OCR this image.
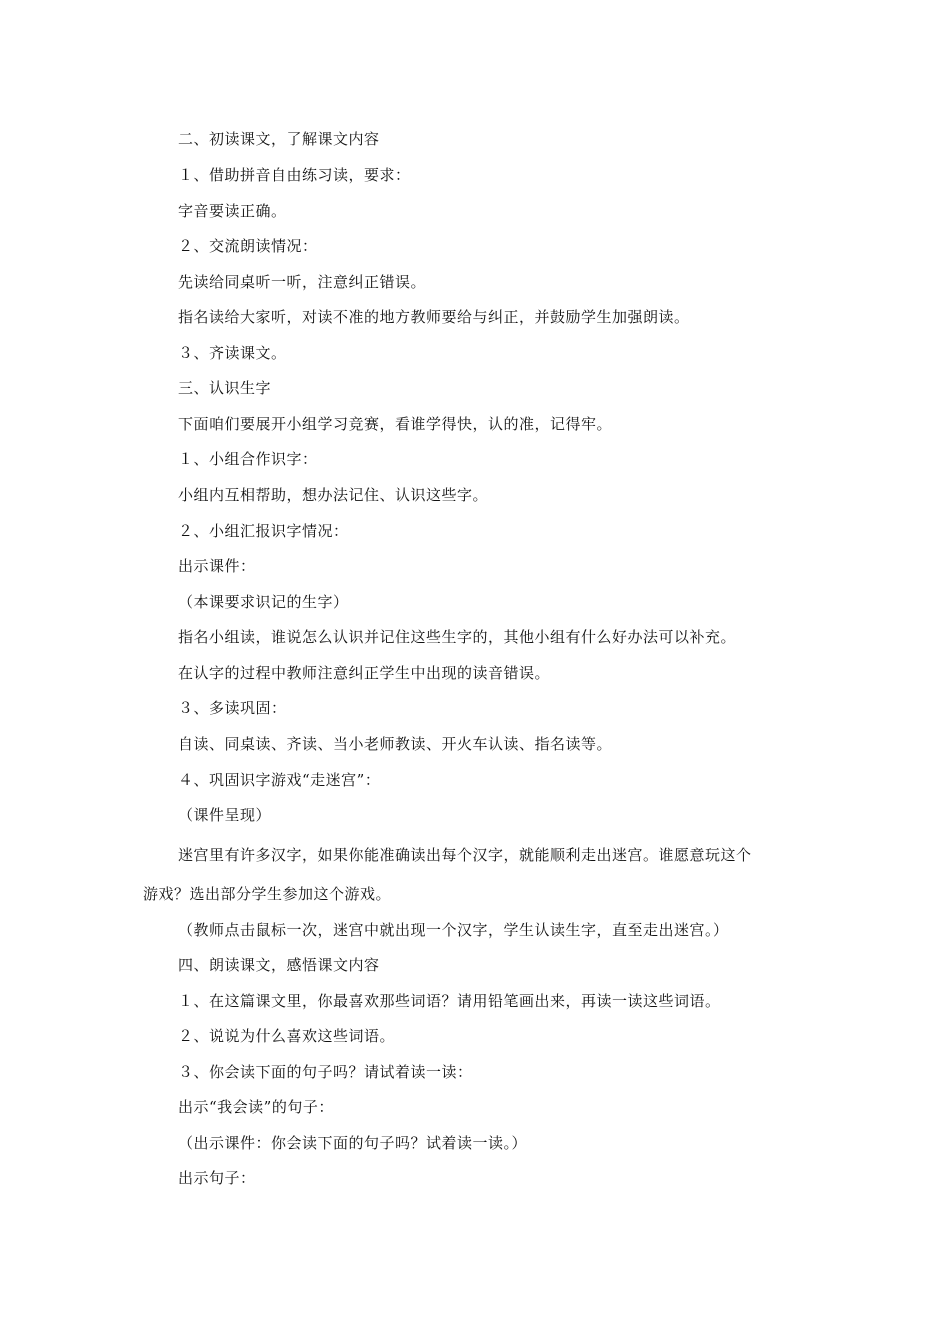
二、初读课文，了解课文内容
１、借助拼音自由练习读，要求：
字音要读正确。
２、交流朗读情况：
先读给同桌听一听，注意纠正错误。
指名读给大家听，对读不准的地方教师要给与纠正，并鼓励学生加强朗读。
３、齐读课文。
三、认识生字
下面咱们要展开小组学习竞赛，看谁学得快，认的准，记得牢。
１、小组合作识字：
小组内互相帮助，想办法记住、认识这些字。
２、小组汇报识字情况：
出示课件：
（本课要求识记的生字）
指名小组读，谁说怎么认识并记住这些生字的，其他小组有什么好办法可以补充。
在认字的过程中教师注意纠正学生中出现的读音错误。
３、多读巩固：
自读、同桌读、齐读、当小老师教读、开火车认读、指名读等。
４、巩固识字游戏“走迷宫”：
（课件呈现）
迷宫里有许多汉字，如果你能准确读出每个汉字，就能顺利走出迷宫。谁愿意玩这个
游戏？选出部分学生参加这个游戏。
（教师点击鼠标一次，迷宫中就出现一个汉字，学生认读生字，直至走出迷宫。）
四、朗读课文，感悟课文内容
１、在这篇课文里，你最喜欢那些词语？请用铅笔画出来，再读一读这些词语。
２、说说为什么喜欢这些词语。
３、你会读下面的句子吗？请试着读一读：
出示“我会读”的句子：
（出示课件：你会读下面的句子吗？试着读一读。）
出示句子：
